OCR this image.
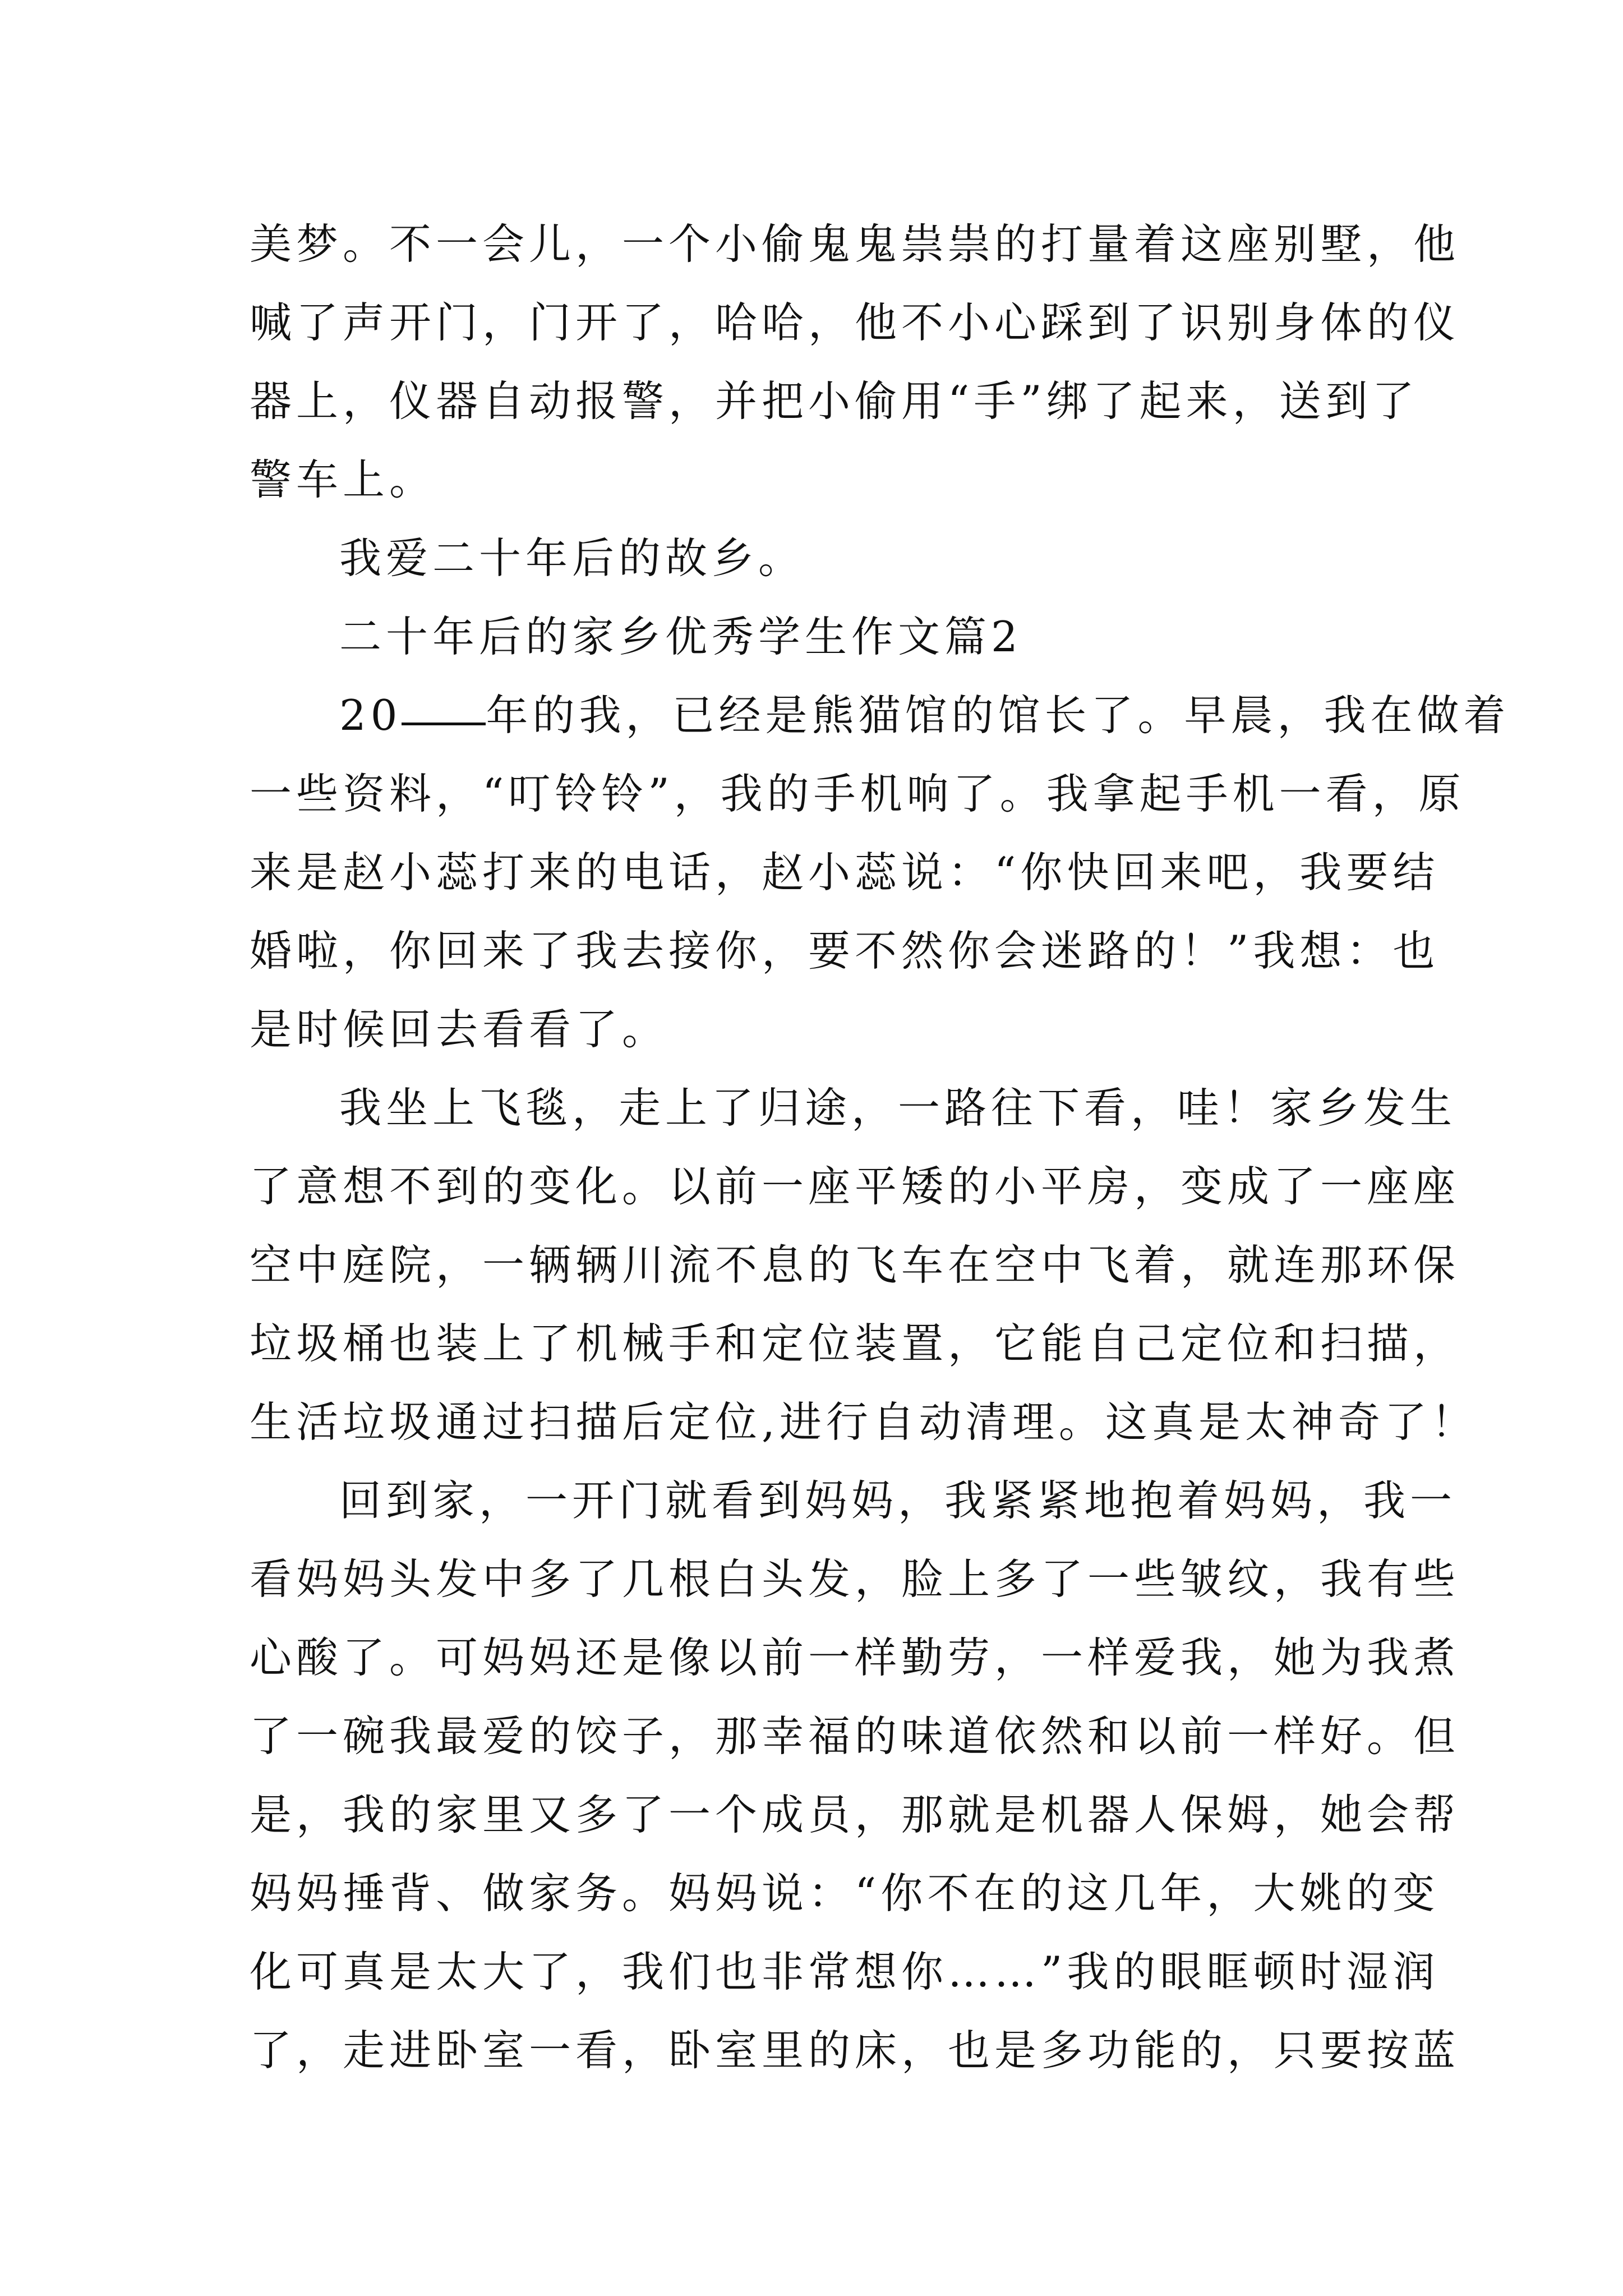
美梦。不一会儿，一个小偷鬼鬼祟祟的打量着这座别墅，他
喊了声开门，门开了，哈哈，他不小心踩到了识别身体的仪
器上，仪器自动报警，并把小偷用“手”绑了起来，送到了
警车上。
我爱二十年后的故乡。
二十年后的家乡优秀学生作文篇2
20 年的我，已经是熊猫馆的馆长了。早晨，我在做着
一些资料，“叮铃铃”，我的手机响了。我拿起手机一看，原
来是赵小蕊打来的电话，赵小蕊说：“你快回来吧，我要结
婚啦，你回来了我去接你，要不然你会迷路的！”我想：也
是时候回去看看了。
我坐上飞毯，走上了归途，一路往下看，哇！家乡发生
了意想不到的变化。以前一座平矮的小平房，变成了一座座
空中庭院，一辆辆川流不息的飞车在空中飞着，就连那环保
垃圾桶也装上了机械手和定位装置，它能自己定位和扫描，
生活垃圾通过扫描后定位,进行自动清理。这真是太神奇了！
回到家，一开门就看到妈妈，我紧紧地抱着妈妈，我一
看妈妈头发中多了几根白头发，脸上多了一些皱纹，我有些
心酸了。可妈妈还是像以前一样勤劳，一样爱我，她为我煮
了一碗我最爱的饺子，那幸福的味道依然和以前一样好。但
是，我的家里又多了一个成员，那就是机器人保姆，她会帮
妈妈捶背、做家务。妈妈说：“你不在的这几年，大姚的变
化可真是太大了，我们也非常想你……”我的眼眶顿时湿润
了，走进卧室一看，卧室里的床，也是多功能的，只要按蓝
